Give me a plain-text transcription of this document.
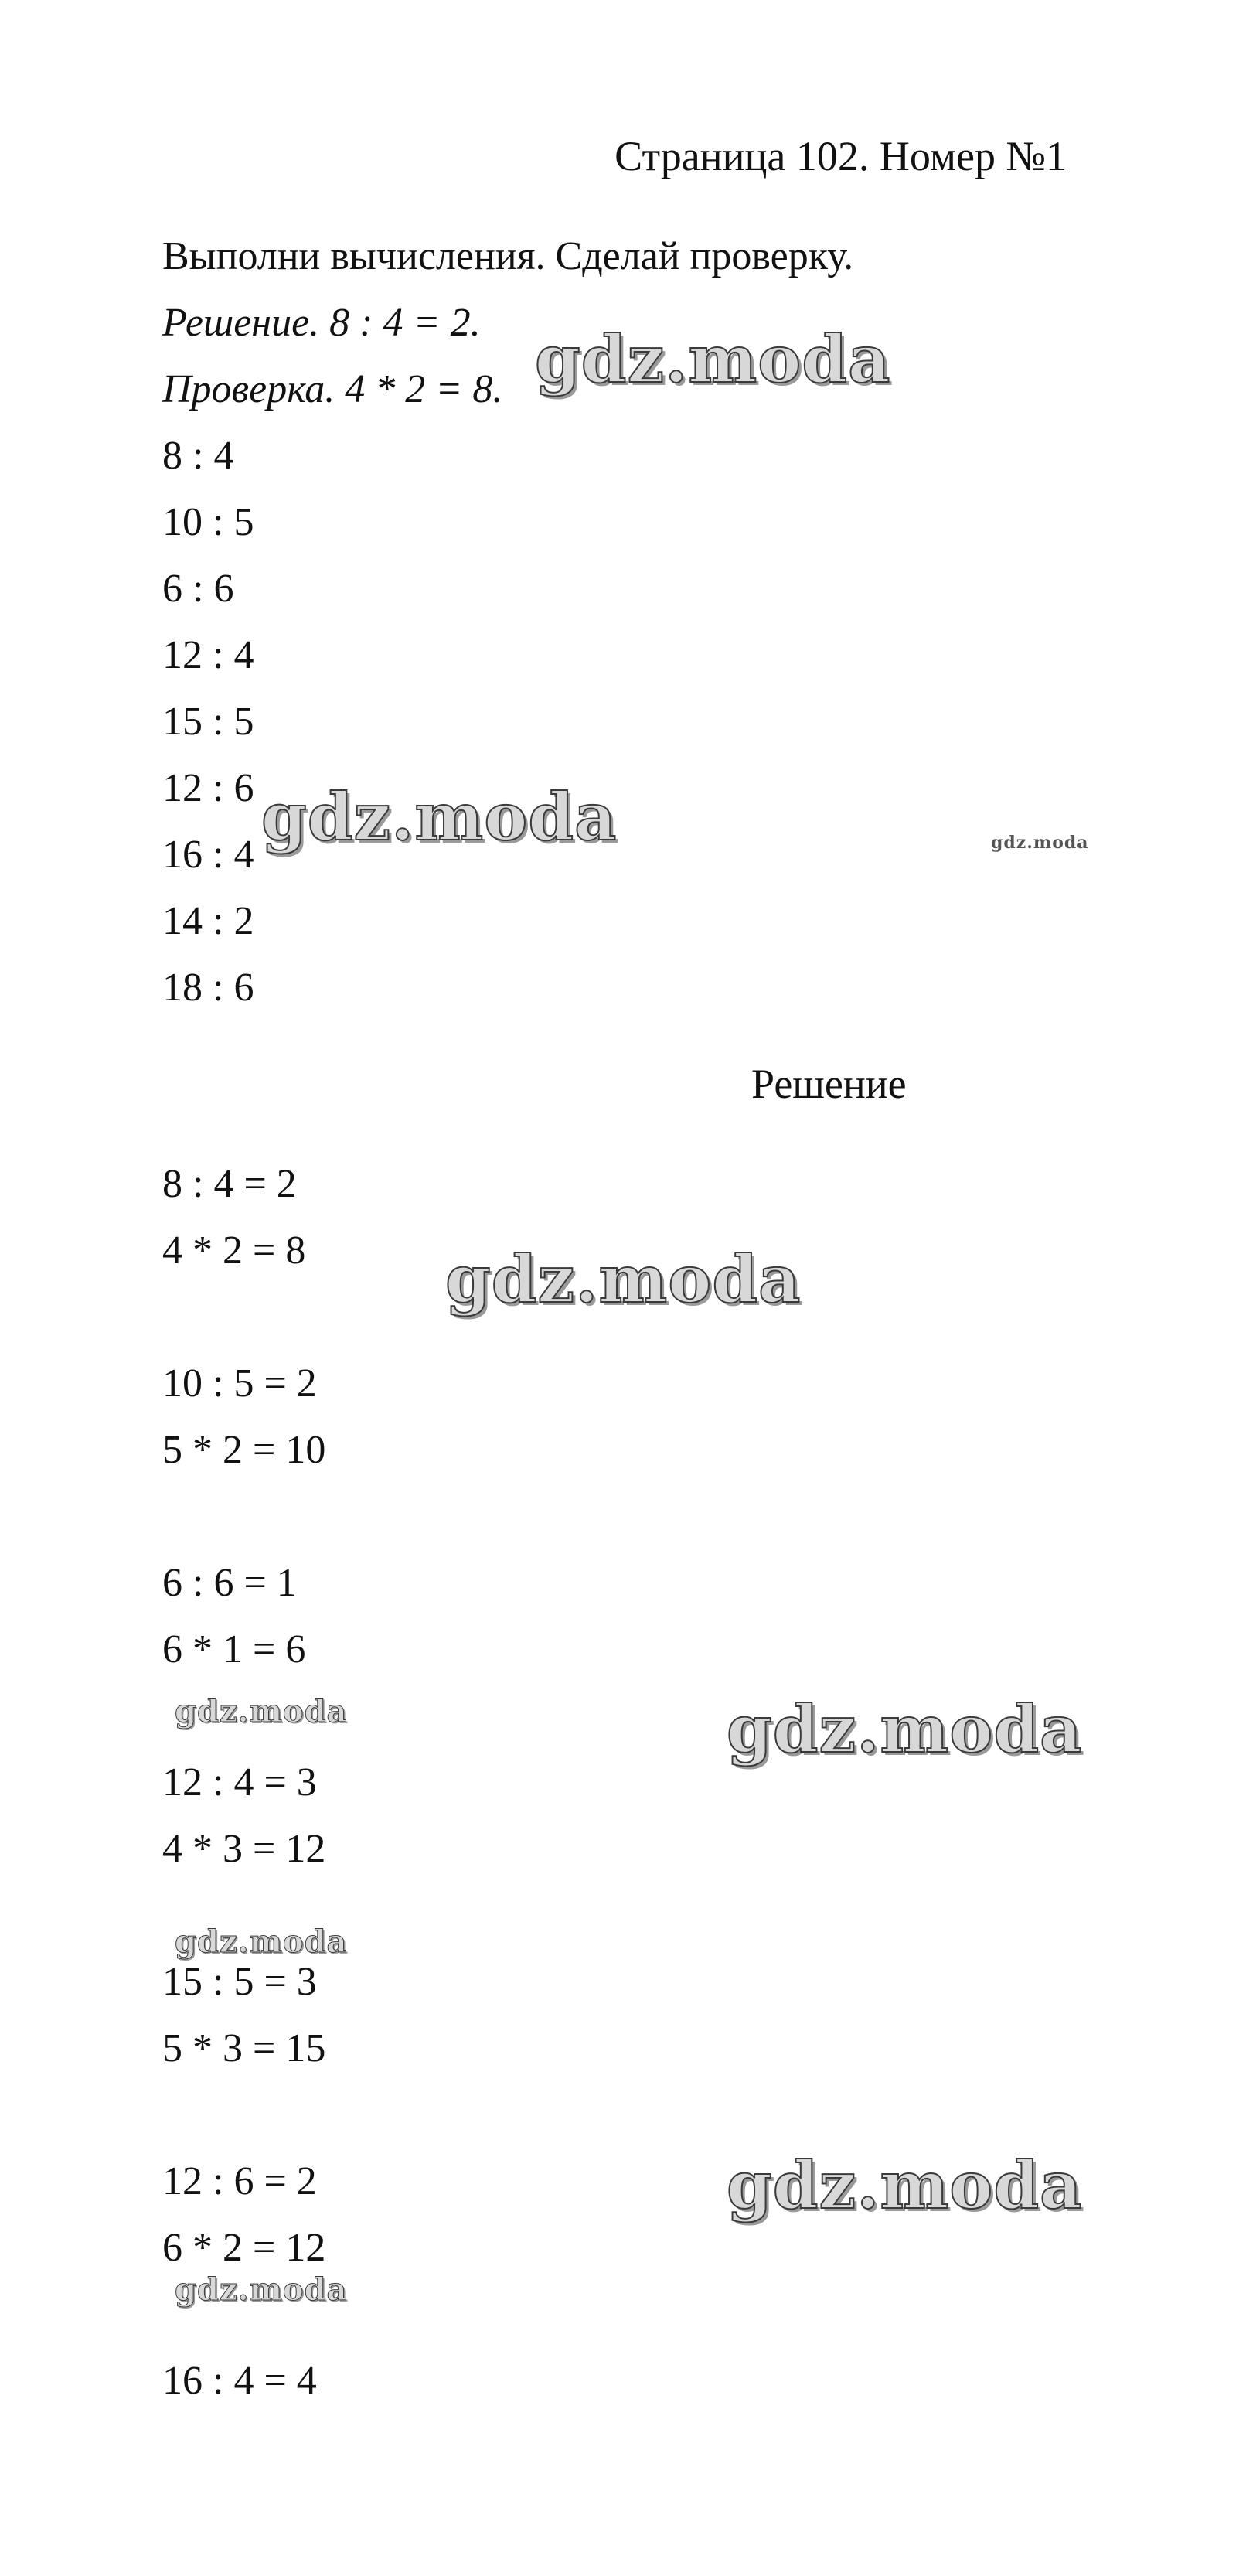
Страница 102. Номер №1
Выполни вычисления. Сделай проверку.
Решение. 8 : 4 = 2.
Проверка. 4 * 2 = 8.
8 : 4
10 : 5
6 : 6
12 : 4
15 : 5
12 : 6
16 : 4
14 : 2
18 : 6
Решение
8 : 4 = 2
4 * 2 = 8
10 : 5 = 2
5 * 2 = 10
6 : 6 = 1
6 * 1 = 6
12 : 4 = 3
4 * 3 = 12
15 : 5 = 3
5 * 3 = 15
12 : 6 = 2
6 * 2 = 12
16 : 4 = 4
gdz.moda
gdz.moda	gdz.moda
gdz.moda
gdz.moda	gdz.moda
gdz.moda
gdz.moda
gdz.moda
